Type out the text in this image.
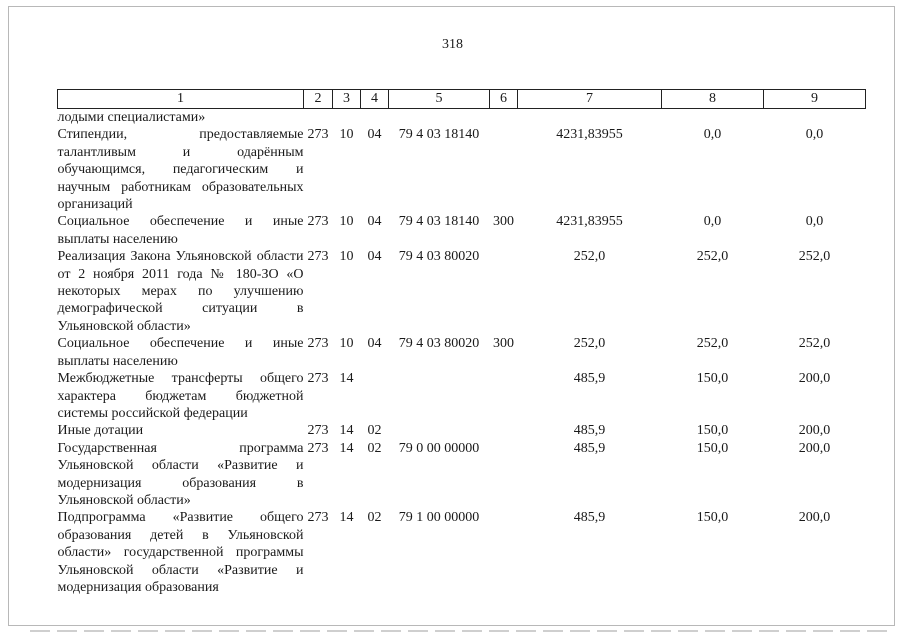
318
1	2	3	4	5	6	7	8	9
лодыми специалистами»								
Стипендии, предоставляемые талантливым и одарённым обучающимся, педагогическим и научным работникам образовательных организаций	273	10	04	79 4 03 18140		4231,83955	0,0	0,0
Социальное обеспечение и иные выплаты населению	273	10	04	79 4 03 18140	300	4231,83955	0,0	0,0
Реализация Закона Ульяновской области от 2 ноября 2011 года № 180-ЗО «О некоторых мерах по улучшению демографической ситуации в Ульяновской области»	273	10	04	79 4 03 80020		252,0	252,0	252,0
Социальное обеспечение и иные выплаты населению	273	10	04	79 4 03 80020	300	252,0	252,0	252,0
Межбюджетные трансферты общего характера бюджетам бюджетной системы российской федерации	273	14				485,9	150,0	200,0
Иные дотации	273	14	02			485,9	150,0	200,0
Государственная программа Ульяновской области «Развитие и модернизация образования в Ульяновской области»	273	14	02	79 0 00 00000		485,9	150,0	200,0
Подпрограмма «Развитие общего образования детей в Ульяновской области» государственной программы Ульяновской области «Развитие и модернизация образования	273	14	02	79 1 00 00000		485,9	150,0	200,0
